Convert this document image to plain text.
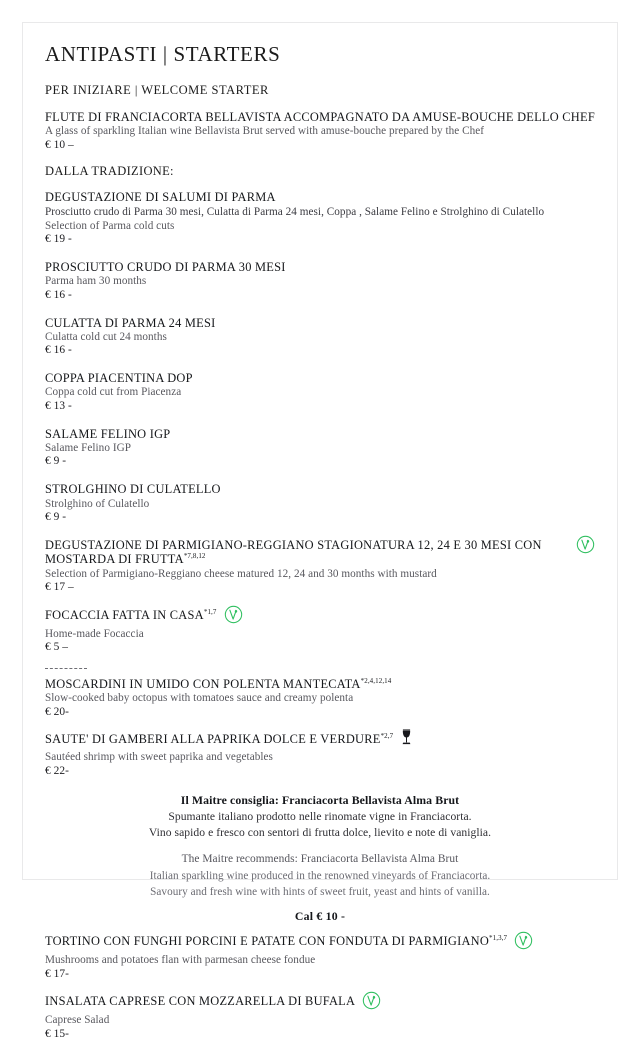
ANTIPASTI | STARTERS
PER INIZIARE | WELCOME STARTER
FLUTE DI FRANCIACORTA BELLAVISTA ACCOMPAGNATO DA AMUSE-BOUCHE DELLO CHEF
A glass of sparkling Italian wine Bellavista Brut served with amuse-bouche prepared by the Chef
€ 10 –
DALLA TRADIZIONE:
DEGUSTAZIONE DI SALUMI DI PARMA
Prosciutto crudo di Parma 30 mesi, Culatta di Parma 24 mesi, Coppa , Salame Felino e Strolghino di Culatello
Selection of Parma cold cuts
€ 19 -
PROSCIUTTO CRUDO DI PARMA 30 MESI
Parma ham 30 months
€ 16 -
CULATTA DI PARMA 24 MESI
Culatta cold cut 24 months
€ 16 -
COPPA PIACENTINA DOP
Coppa cold cut from Piacenza
€ 13 -
SALAME FELINO IGP
Salame Felino IGP
€ 9 -
STROLGHINO DI CULATELLO
Strolghino of Culatello
€ 9 -
DEGUSTAZIONE DI PARMIGIANO-REGGIANO STAGIONATURA 12, 24 E 30 MESI CON MOSTARDA DI FRUTTA$^{*7,8,12}$
Selection of Parmigiano-Reggiano cheese matured 12, 24 and 30 months with mustard
€ 17 –
FOCACCIA FATTA IN CASA$^{*1,7}$
Home-made Focaccia
€ 5 –
MOSCARDINI IN UMIDO CON POLENTA MANTECATA$^{*2,4,12,14}$
Slow-cooked baby octopus with tomatoes sauce and creamy polenta
€ 20-
SAUTE' DI GAMBERI ALLA PAPRIKA DOLCE E VERDURE$^{*2,7}$
Sautéed shrimp with sweet paprika and vegetables
€ 22-
Il Maitre consiglia: Franciacorta Bellavista Alma Brut
Spumante italiano prodotto nelle rinomate vigne in Franciacorta.
Vino sapido e fresco con sentori di frutta dolce, lievito e note di vaniglia.
The Maitre recommends: Franciacorta Bellavista Alma Brut
Italian sparkling wine produced in the renowned vineyards of Franciacorta.
Savoury and fresh wine with hints of sweet fruit, yeast and hints of vanilla.
Cal € 10 -
TORTINO CON FUNGHI PORCINI E PATATE CON FONDUTA DI PARMIGIANO$^{*1,3,7}$
Mushrooms and potatoes flan with parmesan cheese fondue
€ 17-
INSALATA CAPRESE CON MOZZARELLA DI BUFALA
Caprese Salad
€ 15-
